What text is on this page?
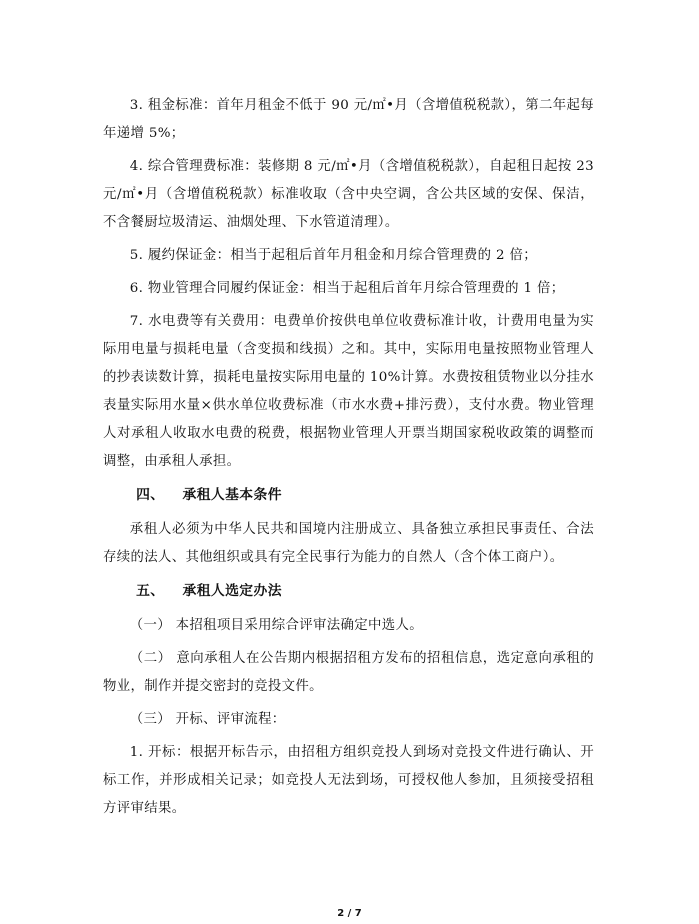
3. 租金标准：首年月租金不低于 90 元/㎡•月（含增值税税款），第二年起每年递增 5%；

4. 综合管理费标准：装修期 8 元/㎡•月（含增值税税款），自起租日起按 23 元/㎡•月（含增值税税款）标准收取（含中央空调，含公共区域的安保、保洁，不含餐厨垃圾清运、油烟处理、下水管道清理）。

5. 履约保证金：相当于起租后首年月租金和月综合管理费的 2 倍；

6. 物业管理合同履约保证金：相当于起租后首年月综合管理费的 1 倍；

7. 水电费等有关费用：电费单价按供电单位收费标准计收，计费用电量为实际用电量与损耗电量（含变损和线损）之和。其中，实际用电量按照物业管理人的抄表读数计算，损耗电量按实际用电量的 10%计算。水费按租赁物业以分挂水表量实际用水量×供水单位收费标准（市水水费+排污费），支付水费。物业管理人对承租人收取水电费的税费，根据物业管理人开票当期国家税收政策的调整而调整，由承租人承担。

四、 承租人基本条件

承租人必须为中华人民共和国境内注册成立、具备独立承担民事责任、合法存续的法人、其他组织或具有完全民事行为能力的自然人（含个体工商户）。

五、 承租人选定办法

（一） 本招租项目采用综合评审法确定中选人。

（二） 意向承租人在公告期内根据招租方发布的招租信息，选定意向承租的物业，制作并提交密封的竞投文件。

（三） 开标、评审流程：

1. 开标：根据开标告示，由招租方组织竞投人到场对竞投文件进行确认、开标工作，并形成相关记录；如竞投人无法到场，可授权他人参加，且须接受招租方评审结果。

2 / 7
